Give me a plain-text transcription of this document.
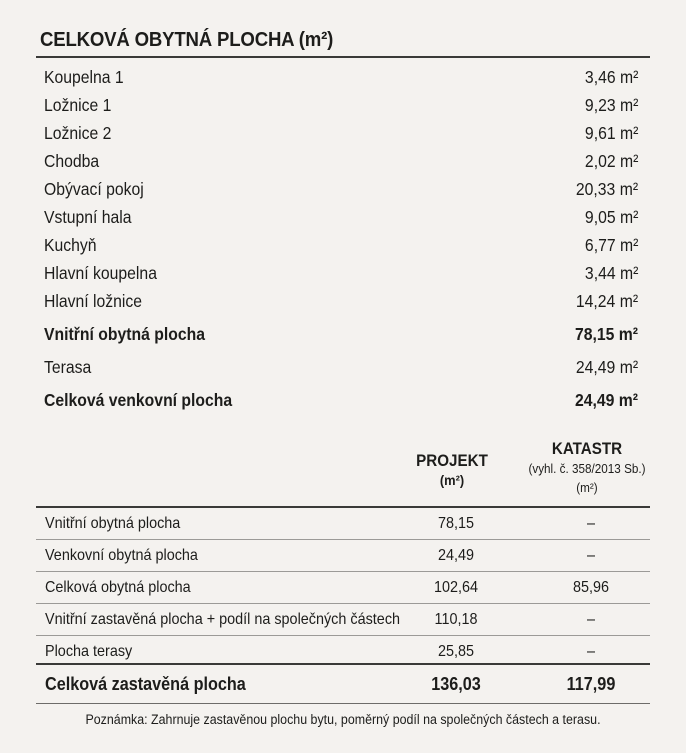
CELKOVÁ OBYTNÁ PLOCHA (m²)
Koupelna 1	3,46 m²
Ložnice 1	9,23 m²
Ložnice 2	9,61 m²
Chodba	2,02 m²
Obývací pokoj	20,33 m²
Vstupní hala	9,05 m²
Kuchyň	6,77 m²
Hlavní koupelna	3,44 m²
Hlavní ložnice	14,24 m²
Vnitřní obytná plocha	78,15 m²
Terasa	24,49 m²
Celková venkovní plocha	24,49 m²
PROJEKT
(m²)
KATASTR
(vyhl. č. 358/2013 Sb.)
(m²)
Vnitřní obytná plocha	78,15	–
Venkovní obytná plocha	24,49	–
Celková obytná plocha	102,64	85,96
Vnitřní zastavěná plocha + podíl na společných částech	110,18	–
Plocha terasy	25,85	–
Celková zastavěná plocha	136,03	117,99
Poznámka: Zahrnuje zastavěnou plochu bytu, poměrný podíl na společných částech a terasu.
